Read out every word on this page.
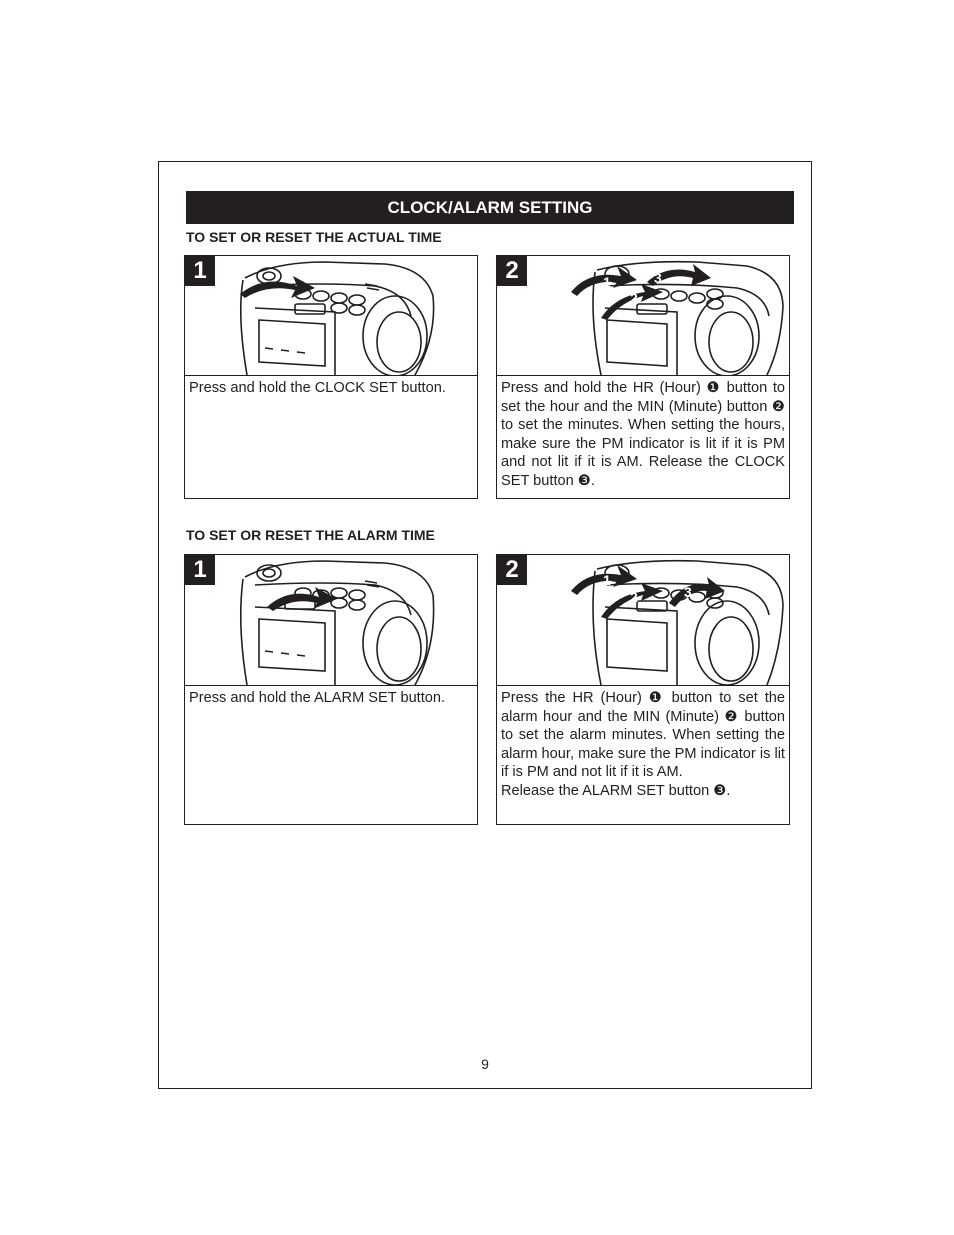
CLOCK/ALARM SETTING
TO SET OR RESET THE ACTUAL TIME
1

Press and hold the CLOCK SET button.

2	1
2
3

Press and hold the HR (Hour) ❶ button to set the hour and the MIN (Minute) button ❷ to set the minutes. When setting the hours, make sure the PM indicator is lit if it is PM and not lit if it is AM. Release the CLOCK SET button ❸.

TO SET OR RESET THE ALARM TIME
1

Press and hold the ALARM SET button.

2	1
2	3

Press the HR (Hour) ❶ button to set the alarm hour and the MIN (Minute) ❷ button to set the alarm minutes. When setting the alarm hour, make sure the PM indicator is lit if is PM and not lit if it is AM.

Release the ALARM SET button ❸.

9
